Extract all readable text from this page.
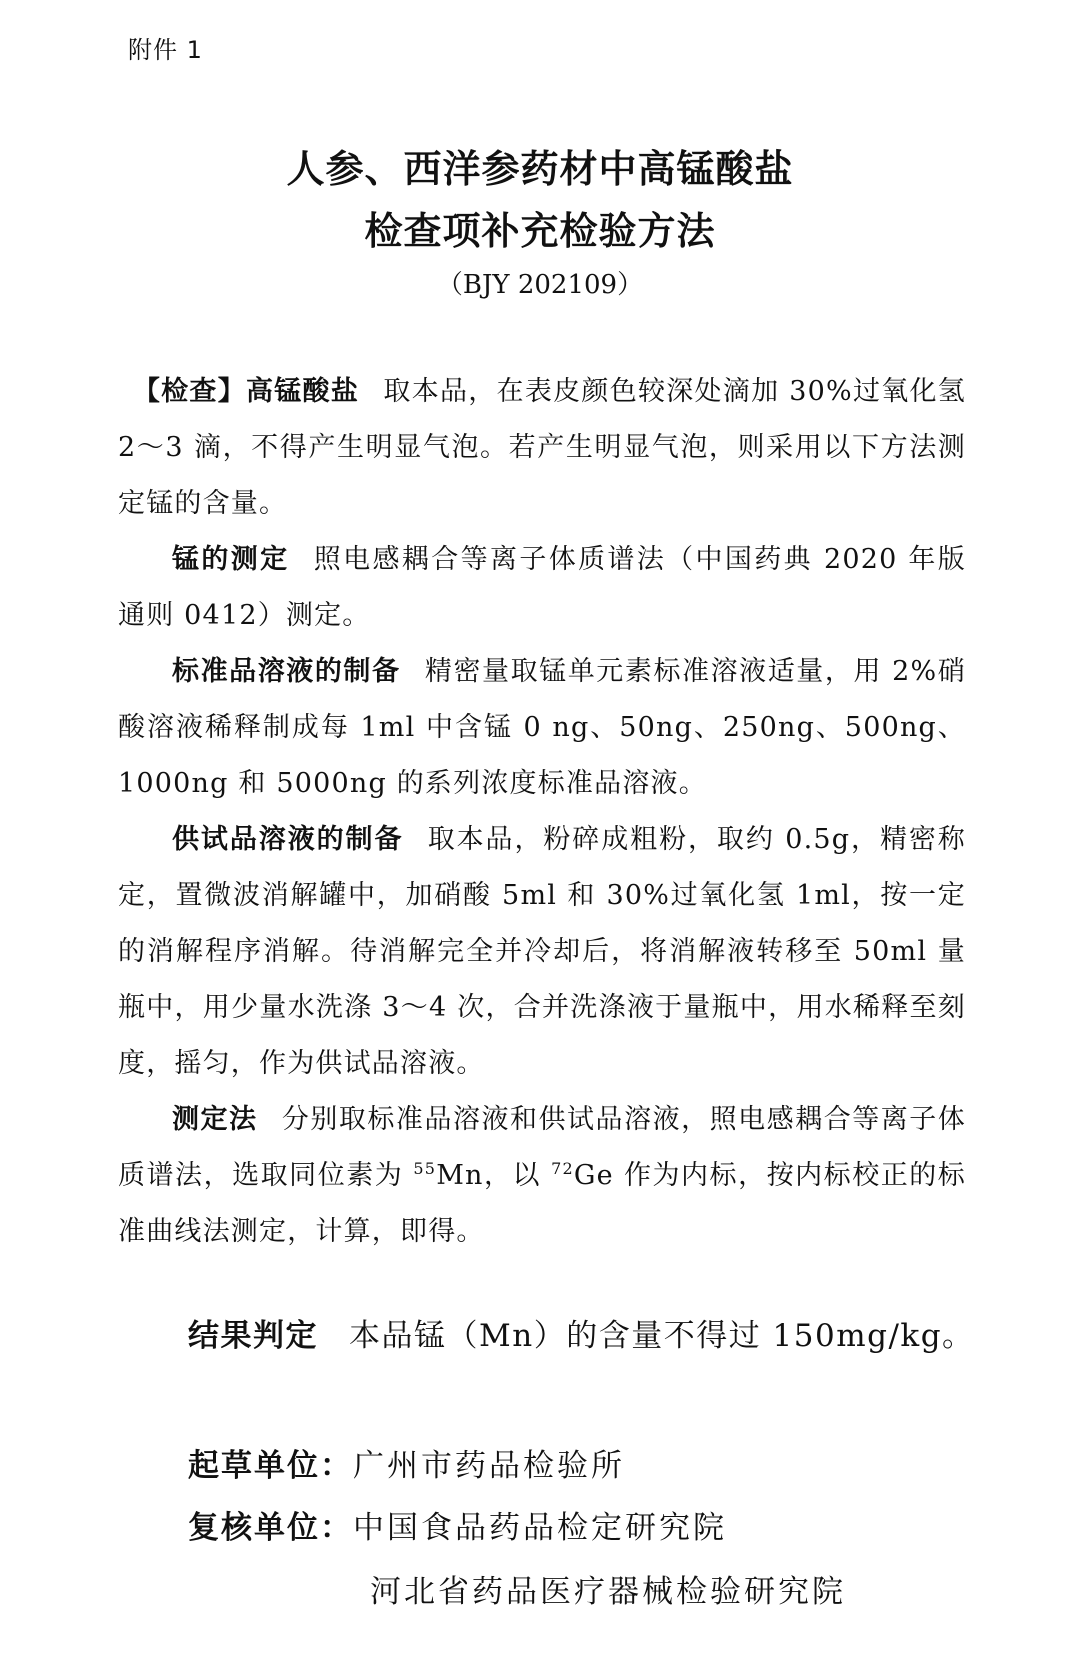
附件 1
人参、西洋参药材中高锰酸盐
检查项补充检验方法
（BJY 202109）

【检查】高锰酸盐 取本品，在表皮颜色较深处滴加 30%过氧化氢 2～3 滴，不得产生明显气泡。若产生明显气泡，则采用以下方法测定锰的含量。

锰的测定 照电感耦合等离子体质谱法（中国药典 2020 年版通则 0412）测定。

标准品溶液的制备 精密量取锰单元素标准溶液适量，用 2%硝酸溶液稀释制成每 1ml 中含锰 0 ng、50ng、250ng、500ng、1000ng 和 5000ng 的系列浓度标准品溶液。

供试品溶液的制备 取本品，粉碎成粗粉，取约 0.5g，精密称定，置微波消解罐中，加硝酸 5ml 和 30%过氧化氢 1ml，按一定的消解程序消解。待消解完全并冷却后，将消解液转移至 50ml 量瓶中，用少量水洗涤 3～4 次，合并洗涤液于量瓶中，用水稀释至刻度，摇匀，作为供试品溶液。

测定法 分别取标准品溶液和供试品溶液，照电感耦合等离子体质谱法，选取同位素为 $^{55}$Mn，以 $^{72}$Ge 作为内标，按内标校正的标准曲线法测定，计算，即得。

结果判定 本品锰（Mn）的含量不得过 150mg/kg。
起草单位：广州市药品检验所
复核单位：中国食品药品检定研究院
河北省药品医疗器械检验研究院
